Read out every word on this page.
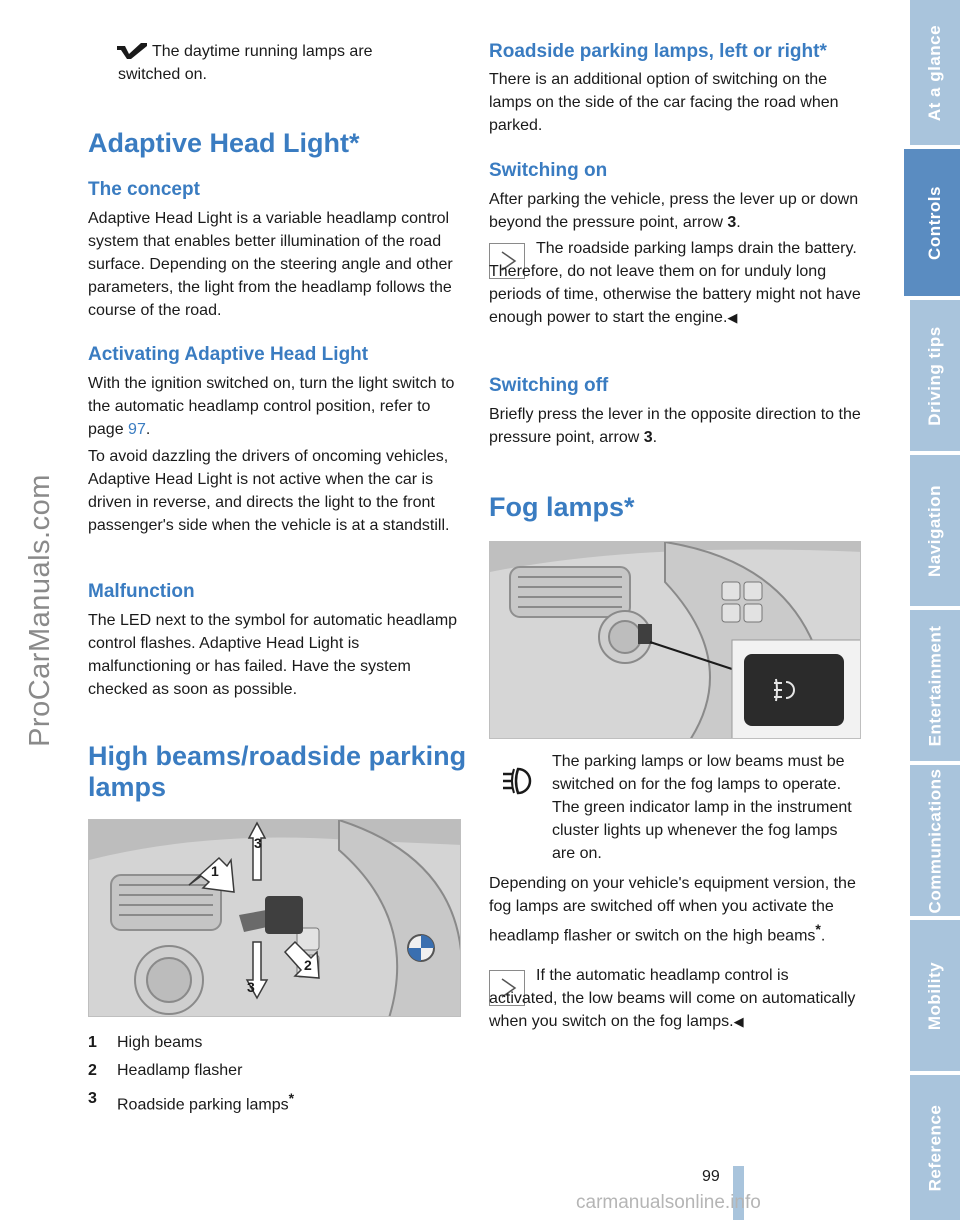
ProCarManuals.com
At a glance
Controls
Driving tips
Navigation
Entertainment
Communications
Mobility
Reference
The daytime running lamps are
switched on.
Adaptive Head Light*
The concept
Adaptive Head Light is a variable headlamp control system that enables better illumination of the road surface. Depending on the steering angle and other parameters, the light from the headlamp follows the course of the road.
Activating Adaptive Head Light
With the ignition switched on, turn the light switch to the automatic headlamp control position, refer to page 97.
To avoid dazzling the drivers of oncoming vehicles, Adaptive Head Light is not active when the car is driven in reverse, and directs the light to the front passenger's side when the vehicle is at a standstill.
Malfunction
The LED next to the symbol for automatic headlamp control flashes. Adaptive Head Light is malfunctioning or has failed. Have the system checked as soon as possible.
High beams/roadside parking
lamps
1
2
3
3
1 High beams
2 Headlamp flasher
3 Roadside parking lamps*
Roadside parking lamps, left or right*
There is an additional option of switching on the lamps on the side of the car facing the road when parked.
Switching on
After parking the vehicle, press the lever up or down beyond the pressure point, arrow 3.
The roadside parking lamps drain the battery. Therefore, do not leave them on for unduly long periods of time, otherwise the battery might not have enough power to start the engine.◀
Switching off
Briefly press the lever in the opposite direction to the pressure point, arrow 3.
Fog lamps*
The parking lamps or low beams must be switched on for the fog lamps to operate. The green indicator lamp in the instrument cluster lights up whenever the fog lamps are on.
Depending on your vehicle's equipment version, the fog lamps are switched off when you activate the headlamp flasher or switch on the high beams*.
If the automatic headlamp control is activated, the low beams will come on automatically when you switch on the fog lamps.◀
99
carmanualsonline.info
